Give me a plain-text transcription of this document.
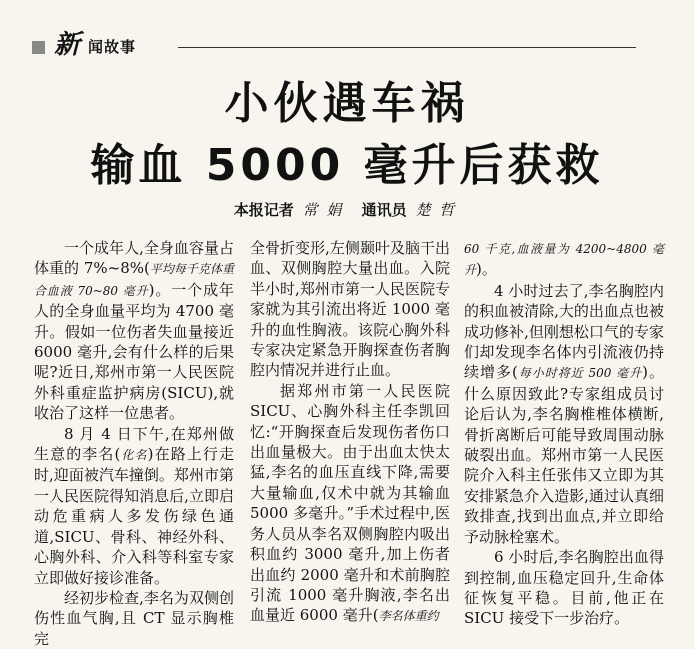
新 闻故事
小伙遇车祸
输血 5000 毫升后获救
本报记者 常 娟 通讯员 楚 哲

一个成年人,全身血容量占体重的 7%~8%(平均每千克体重合血液 70~80 毫升)。一个成年人的全身血量平均为 4700 毫升。假如一位伤者失血量接近 6000 毫升,会有什么样的后果呢?近日,郑州市第一人民医院外科重症监护病房(SICU),就收治了这样一位患者。

8 月 4 日下午,在郑州做生意的李名(化名)在路上行走时,迎面被汽车撞倒。郑州市第一人民医院得知消息后,立即启动危重病人多发伤绿色通道,SICU、骨科、神经外科、心胸外科、介入科等科室专家立即做好接诊准备。

经初步检查,李名为双侧创伤性血气胸,且 CT 显示胸椎完

全骨折变形,左侧颞叶及脑干出血、双侧胸腔大量出血。入院半小时,郑州市第一人民医院专家就为其引流出将近 1000 毫升的血性胸液。该院心胸外科专家决定紧急开胸探查伤者胸腔内情况并进行止血。

据郑州市第一人民医院 SICU、心胸外科主任李凯回忆:“开胸探查后发现伤者伤口出血量极大。由于出血太快太猛,李名的血压直线下降,需要大量输血,仅术中就为其输血 5000 多毫升。”手术过程中,医务人员从李名双侧胸腔内吸出积血约 3000 毫升,加上伤者出血约 2000 毫升和术前胸腔引流 1000 毫升胸液,李名出血量近 6000 毫升(李名体重约

60 千克,血液量为 4200~4800 毫升)。

4 小时过去了,李名胸腔内的积血被清除,大的出血点也被成功修补,但刚想松口气的专家们却发现李名体内引流液仍持续增多(每小时将近 500 毫升)。什么原因致此?专家组成员讨论后认为,李名胸椎椎体横断,骨折离断后可能导致周围动脉破裂出血。郑州市第一人民医院介入科主任张伟又立即为其安排紧急介入造影,通过认真细致排查,找到出血点,并立即给予动脉栓塞术。

6 小时后,李名胸腔出血得到控制,血压稳定回升,生命体征恢复平稳。目前,他正在 SICU 接受下一步治疗。
